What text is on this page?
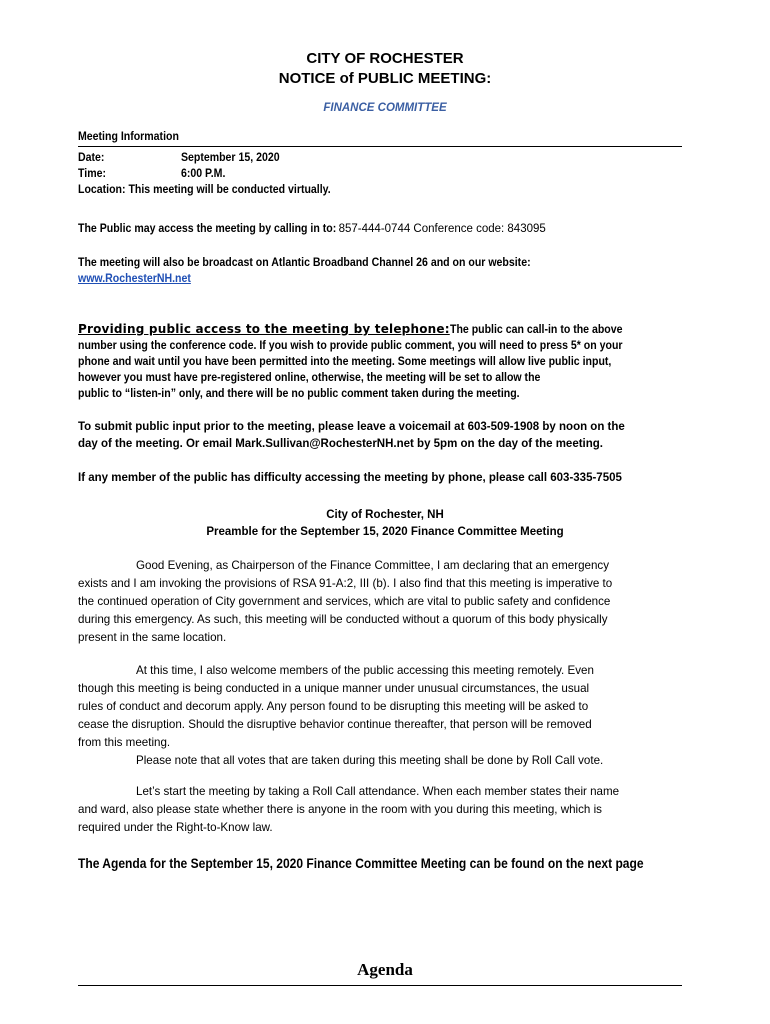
CITY OF ROCHESTER
NOTICE of PUBLIC MEETING:
FINANCE COMMITTEE
Meeting Information
Date:	September 15, 2020
Time:	6:00 P.M.
Location: This meeting will be conducted virtually.
The Public may access the meeting by calling in to: 857-444-0744 Conference code: 843095
The meeting will also be broadcast on Atlantic Broadband Channel 26 and on our website:
www.RochesterNH.net
Providing public access to the meeting by telephone:The public can call-in to the above
number using the conference code. If you wish to provide public comment, you will need to press 5* on your
phone and wait until you have been permitted into the meeting. Some meetings will allow live public input,
however you must have pre-registered online, otherwise, the meeting will be set to allow the
public to “listen-in” only, and there will be no public comment taken during the meeting.
To submit public input prior to the meeting, please leave a voicemail at 603-509-1908 by noon on the
day of the meeting. Or email Mark.Sullivan@RochesterNH.net by 5pm on the day of the meeting.
If any member of the public has difficulty accessing the meeting by phone, please call 603-335-7505
City of Rochester, NH
Preamble for the September 15, 2020 Finance Committee Meeting
Good Evening, as Chairperson of the Finance Committee, I am declaring that an emergency
exists and I am invoking the provisions of RSA 91-A:2, III (b). I also find that this meeting is imperative to
the continued operation of City government and services, which are vital to public safety and confidence
during this emergency. As such, this meeting will be conducted without a quorum of this body physically
present in the same location.
At this time, I also welcome members of the public accessing this meeting remotely. Even
though this meeting is being conducted in a unique manner under unusual circumstances, the usual
rules of conduct and decorum apply. Any person found to be disrupting this meeting will be asked to
cease the disruption. Should the disruptive behavior continue thereafter, that person will be removed
from this meeting.
Please note that all votes that are taken during this meeting shall be done by Roll Call vote.
Let’s start the meeting by taking a Roll Call attendance. When each member states their name
and ward, also please state whether there is anyone in the room with you during this meeting, which is
required under the Right-to-Know law.
The Agenda for the September 15, 2020 Finance Committee Meeting can be found on the next page
Agenda
